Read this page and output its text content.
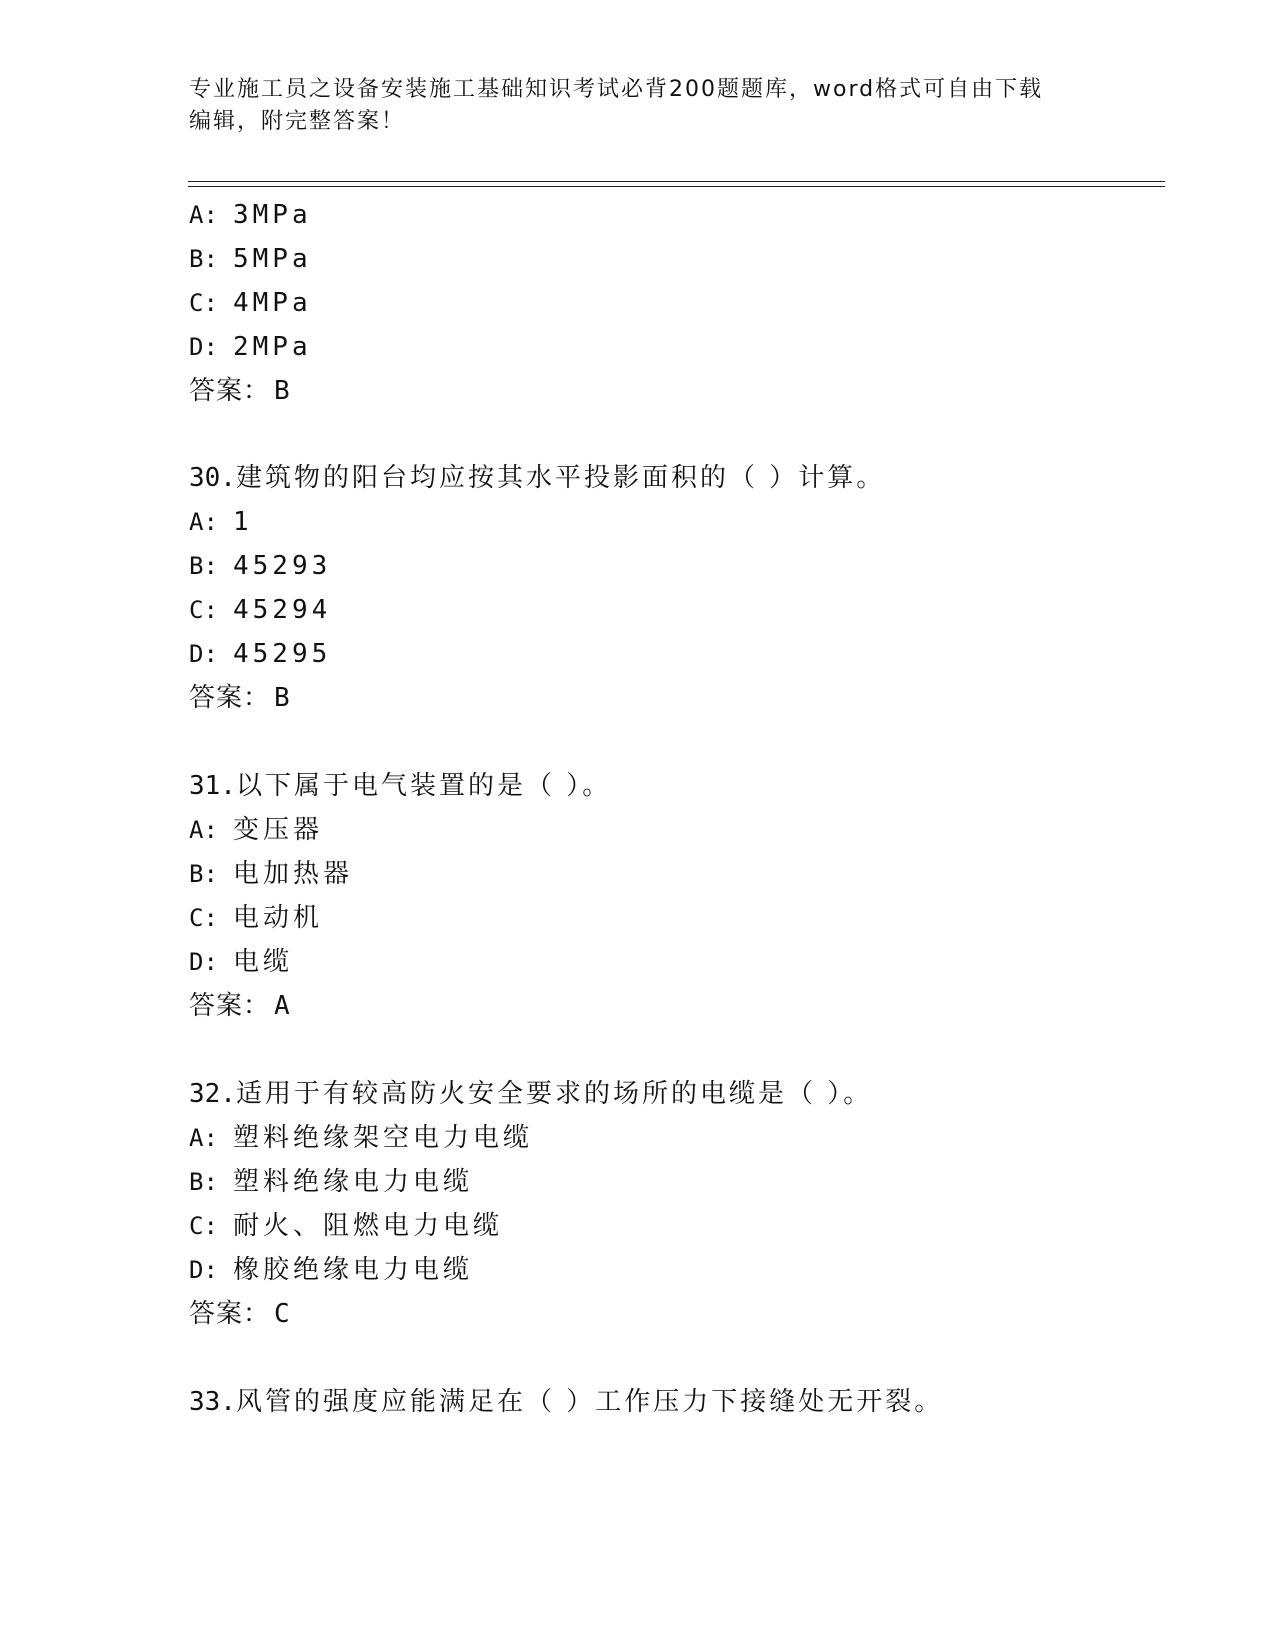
专业施工员之设备安装施工基础知识考试必背200题题库，word格式可自由下载
编辑，附完整答案！
A: 3MPa
B: 5MPa
C: 4MPa
D: 2MPa
答案： B
30.建筑物的阳台均应按其水平投影面积的（ ）计算。
A: 1
B: 45293
C: 45294
D: 45295
答案： B
31.以下属于电气装置的是（ ）。
A: 变压器
B: 电加热器
C: 电动机
D: 电缆
答案： A
32.适用于有较高防火安全要求的场所的电缆是（ ）。
A: 塑料绝缘架空电力电缆
B: 塑料绝缘电力电缆
C: 耐火、阻燃电力电缆
D: 橡胶绝缘电力电缆
答案： C
33.风管的强度应能满足在（ ）工作压力下接缝处无开裂。
